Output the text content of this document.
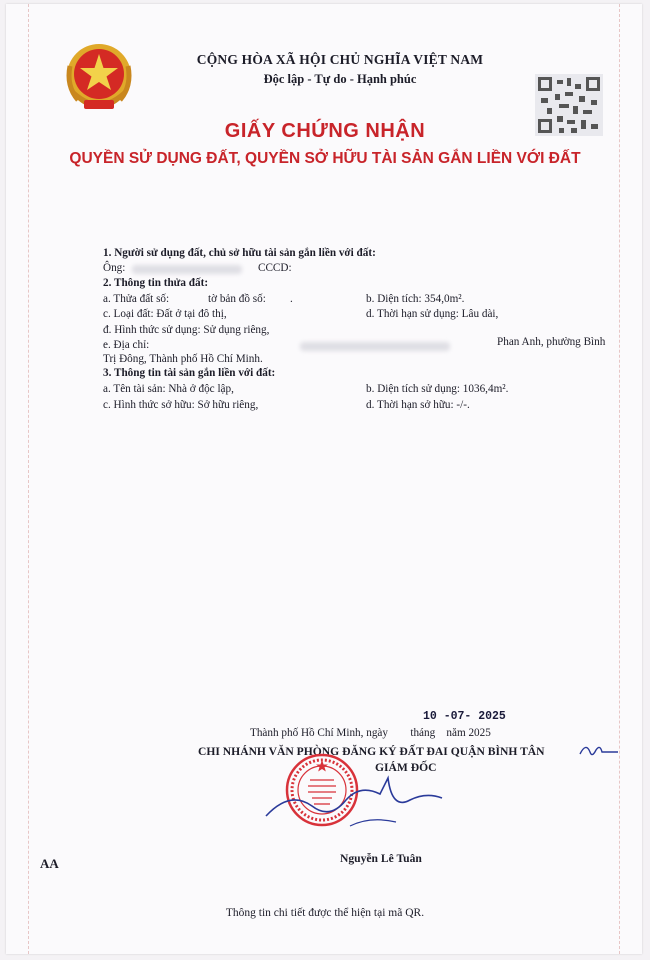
CỘNG HÒA XÃ HỘI CHỦ NGHĨA VIỆT NAM
Độc lập - Tự do - Hạnh phúc
GIẤY CHỨNG NHẬN
QUYỀN SỬ DỤNG ĐẤT, QUYỀN SỞ HỮU TÀI SẢN GẮN LIỀN VỚI ĐẤT
1. Người sử dụng đất, chủ sở hữu tài sản gắn liền với đất:
Ông:	CCCD:
2. Thông tin thửa đất:
a. Thửa đất số:	tờ bản đồ số: .	b. Diện tích: 354,0m².
c. Loại đất: Đất ở tại đô thị,	d. Thời hạn sử dụng: Lâu dài,
đ. Hình thức sử dụng: Sử dụng riêng,
e. Địa chỉ:	Phan Anh, phường Bình
Trị Đông, Thành phố Hồ Chí Minh.
3. Thông tin tài sản gắn liền với đất:
a. Tên tài sản: Nhà ở độc lập,	b. Diện tích sử dụng: 1036,4m².
c. Hình thức sở hữu: Sở hữu riêng,	d. Thời hạn sở hữu: -/-.
10 -07- 2025
Thành phố Hồ Chí Minh, ngày        tháng    năm 2025
CHI NHÁNH VĂN PHÒNG ĐĂNG KÝ ĐẤT ĐAI QUẬN BÌNH TÂN
GIÁM ĐỐC
Nguyễn Lê Tuân
AA
Thông tin chi tiết được thể hiện tại mã QR.
